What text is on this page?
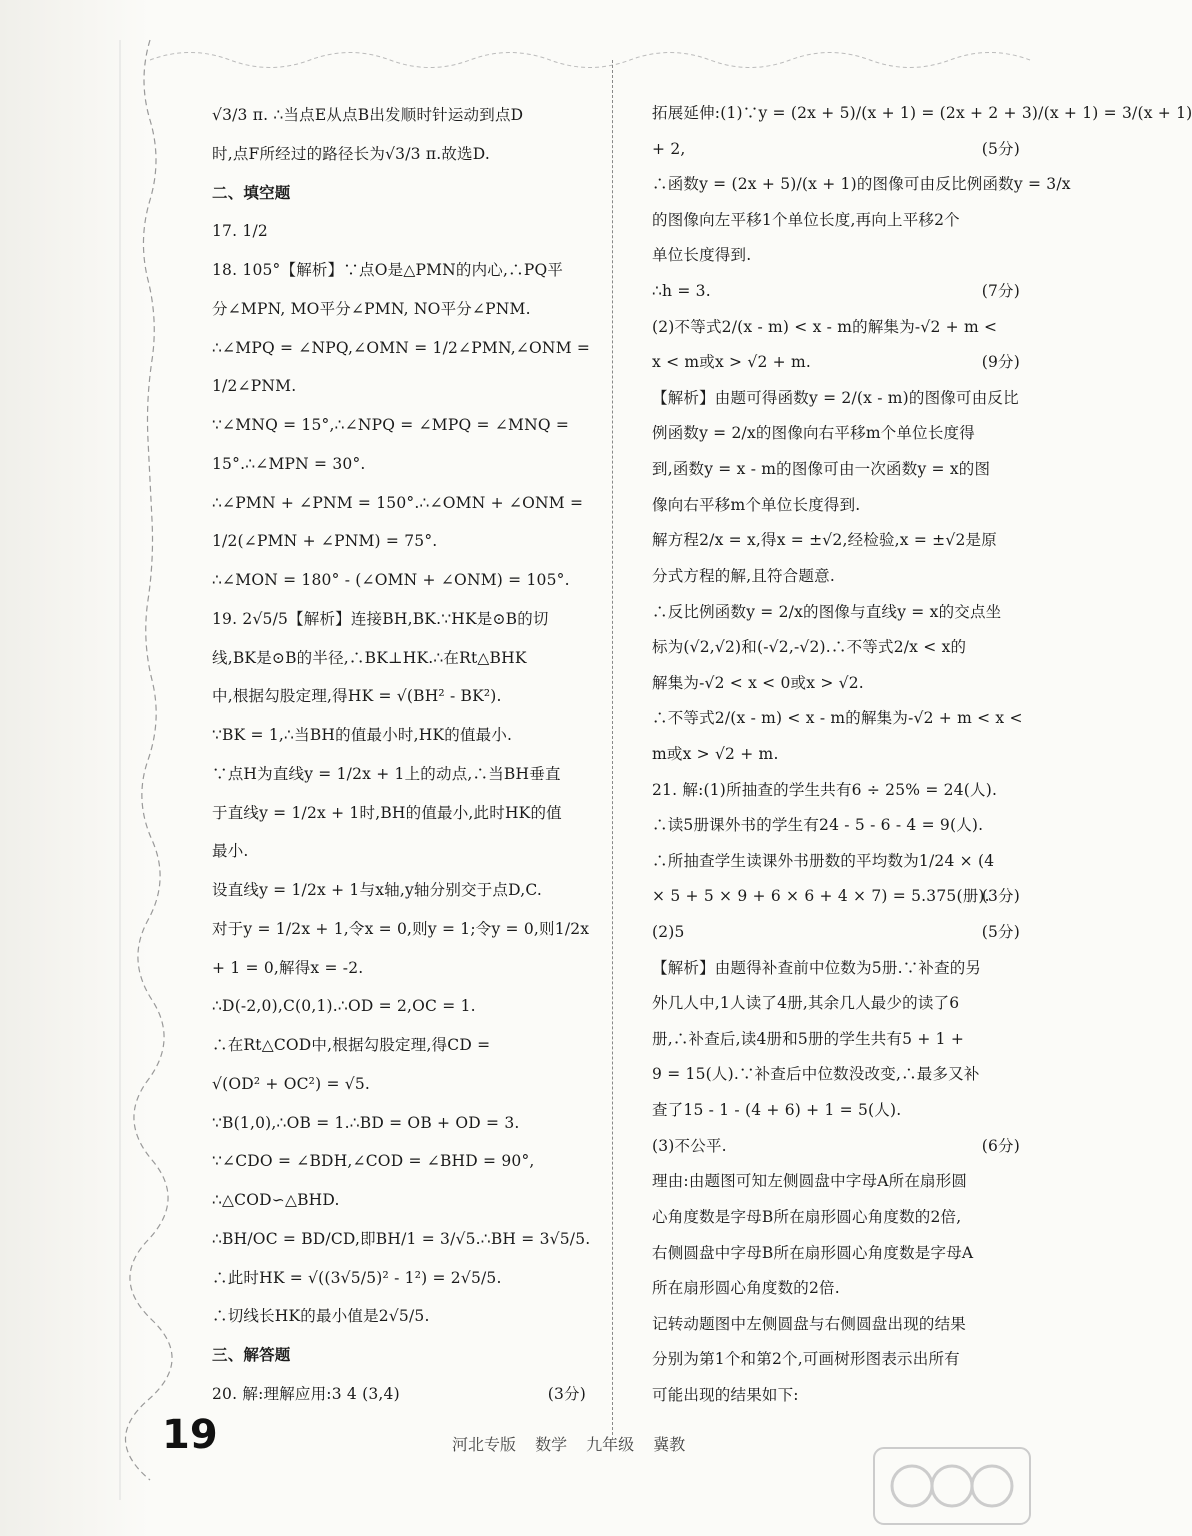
√3/3 π. ∴当点E从点B出发顺时针运动到点D
时,点F所经过的路径长为√3/3 π.故选D.
二、填空题
17. 1/2
18. 105°【解析】∵点O是△PMN的内心,∴PQ平
分∠MPN, MO平分∠PMN, NO平分∠PNM.
∴∠MPQ = ∠NPQ,∠OMN = 1/2∠PMN,∠ONM =
1/2∠PNM.
∵∠MNQ = 15°,∴∠NPQ = ∠MPQ = ∠MNQ =
15°.∴∠MPN = 30°.
∴∠PMN + ∠PNM = 150°.∴∠OMN + ∠ONM =
1/2(∠PMN + ∠PNM) = 75°.
∴∠MON = 180° - (∠OMN + ∠ONM) = 105°.
19. 2√5/5【解析】连接BH,BK.∵HK是⊙B的切
线,BK是⊙B的半径,∴BK⊥HK.∴在Rt△BHK
中,根据勾股定理,得HK = √(BH² - BK²).
∵BK = 1,∴当BH的值最小时,HK的值最小.
∵点H为直线y = 1/2x + 1上的动点,∴当BH垂直
于直线y = 1/2x + 1时,BH的值最小,此时HK的值
最小.
设直线y = 1/2x + 1与x轴,y轴分别交于点D,C.
对于y = 1/2x + 1,令x = 0,则y = 1;令y = 0,则1/2x
+ 1 = 0,解得x = -2.
∴D(-2,0),C(0,1).∴OD = 2,OC = 1.
∴在Rt△COD中,根据勾股定理,得CD =
√(OD² + OC²) = √5.
∵B(1,0),∴OB = 1.∴BD = OB + OD = 3.
∵∠CDO = ∠BDH,∠COD = ∠BHD = 90°,
∴△COD∽△BHD.
∴BH/OC = BD/CD,即BH/1 = 3/√5.∴BH = 3√5/5.
∴此时HK = √((3√5/5)² - 1²) = 2√5/5.
∴切线长HK的最小值是2√5/5.
三、解答题
20. 解:理解应用:3 4 (3,4)	(3分)
拓展延伸:(1)∵y = (2x + 5)/(x + 1) = (2x + 2 + 3)/(x + 1) = 3/(x + 1)
+ 2,	(5分)
∴函数y = (2x + 5)/(x + 1)的图像可由反比例函数y = 3/x
的图像向左平移1个单位长度,再向上平移2个
单位长度得到.
∴h = 3.	(7分)
(2)不等式2/(x - m) < x - m的解集为-√2 + m <
x < m或x > √2 + m.	(9分)
【解析】由题可得函数y = 2/(x - m)的图像可由反比
例函数y = 2/x的图像向右平移m个单位长度得
到,函数y = x - m的图像可由一次函数y = x的图
像向右平移m个单位长度得到.
解方程2/x = x,得x = ±√2,经检验,x = ±√2是原
分式方程的解,且符合题意.
∴反比例函数y = 2/x的图像与直线y = x的交点坐
标为(√2,√2)和(-√2,-√2).∴不等式2/x < x的
解集为-√2 < x < 0或x > √2.
∴不等式2/(x - m) < x - m的解集为-√2 + m < x <
m或x > √2 + m.
21. 解:(1)所抽查的学生共有6 ÷ 25% = 24(人).
∴读5册课外书的学生有24 - 5 - 6 - 4 = 9(人).
∴所抽查学生读课外书册数的平均数为1/24 × (4
× 5 + 5 × 9 + 6 × 6 + 4 × 7) = 5.375(册).
(3分)
(2)5	(5分)
【解析】由题得补查前中位数为5册.∵补查的另
外几人中,1人读了4册,其余几人最少的读了6
册,∴补查后,读4册和5册的学生共有5 + 1 +
9 = 15(人).∵补查后中位数没改变,∴最多又补
查了15 - 1 - (4 + 6) + 1 = 5(人).
(3)不公平.	(6分)
理由:由题图可知左侧圆盘中字母A所在扇形圆
心角度数是字母B所在扇形圆心角度数的2倍,
右侧圆盘中字母B所在扇形圆心角度数是字母A
所在扇形圆心角度数的2倍.
记转动题图中左侧圆盘与右侧圆盘出现的结果
分别为第1个和第2个,可画树形图表示出所有
可能出现的结果如下:
19	河北专版 数学 九年级 冀教
